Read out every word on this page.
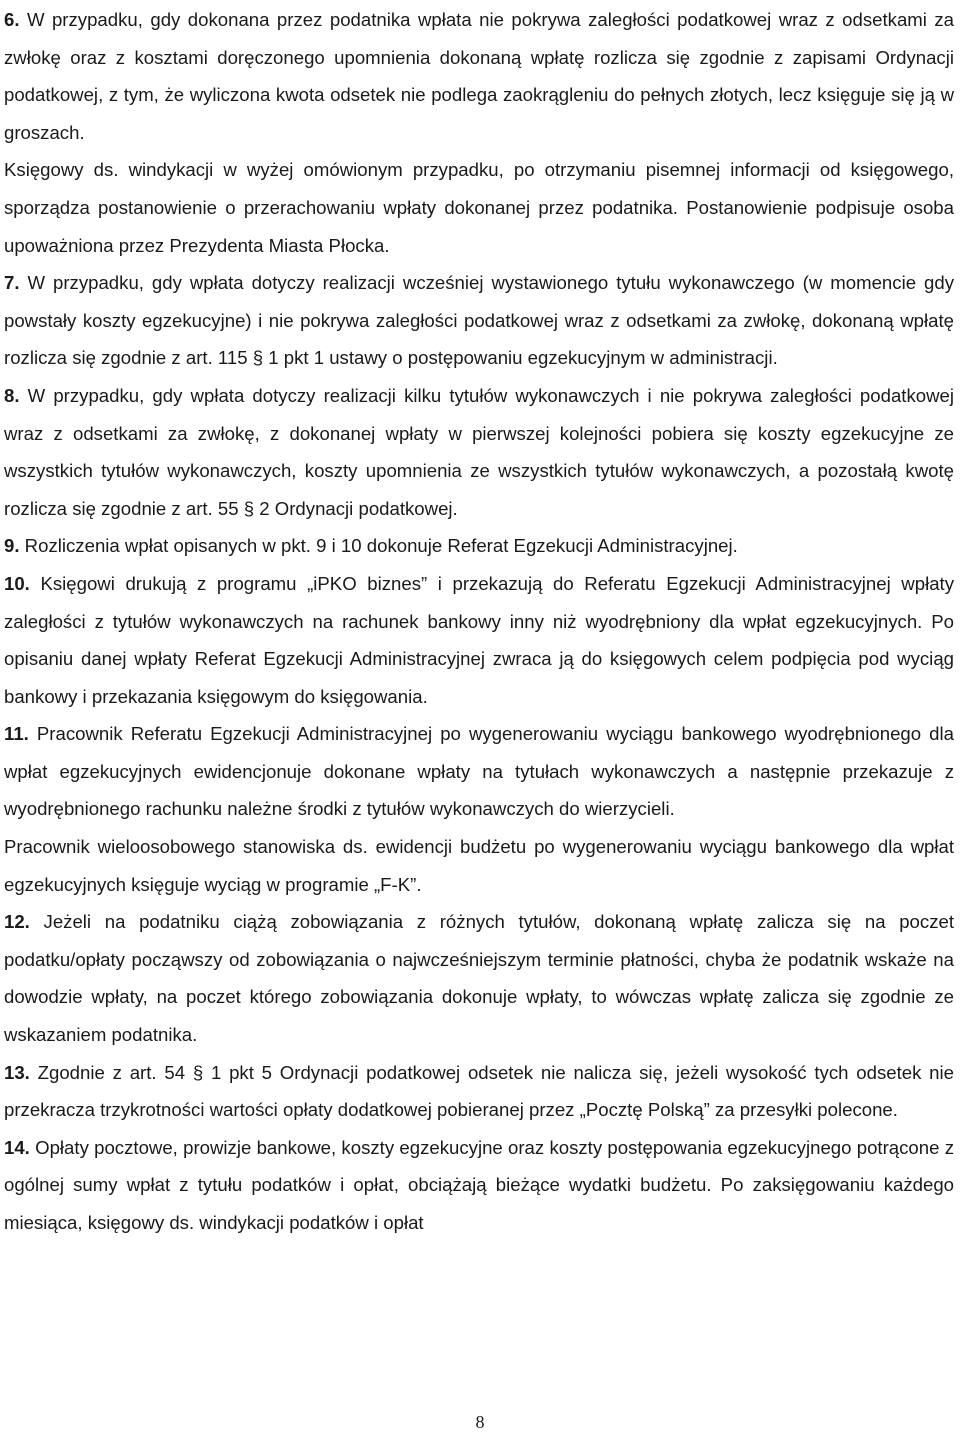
6. W przypadku, gdy dokonana przez podatnika wpłata nie pokrywa zaległości podatkowej wraz z odsetkami za zwłokę oraz z kosztami doręczonego upomnienia dokonaną wpłatę rozlicza się zgodnie z zapisami Ordynacji podatkowej, z tym, że wyliczona kwota odsetek nie podlega zaokrągleniu do pełnych złotych, lecz księguje się ją w groszach.

Księgowy ds. windykacji w wyżej omówionym przypadku, po otrzymaniu pisemnej informacji od księgowego, sporządza postanowienie o przerachowaniu wpłaty dokonanej przez podatnika. Postanowienie podpisuje osoba upoważniona przez Prezydenta Miasta Płocka.

7. W przypadku, gdy wpłata dotyczy realizacji wcześniej wystawionego tytułu wykonawczego (w momencie gdy powstały koszty egzekucyjne) i nie pokrywa zaległości podatkowej wraz z odsetkami za zwłokę, dokonaną wpłatę rozlicza się zgodnie z art. 115 § 1 pkt 1 ustawy o postępowaniu egzekucyjnym w administracji.

8. W przypadku, gdy wpłata dotyczy realizacji kilku tytułów wykonawczych i nie pokrywa zaległości podatkowej wraz z odsetkami za zwłokę, z dokonanej wpłaty w pierwszej kolejności pobiera się koszty egzekucyjne ze wszystkich tytułów wykonawczych, koszty upomnienia ze wszystkich tytułów wykonawczych, a pozostałą kwotę rozlicza się zgodnie z art. 55 § 2 Ordynacji podatkowej.

9. Rozliczenia wpłat opisanych w pkt. 9 i 10 dokonuje Referat Egzekucji Administracyjnej.

10. Księgowi drukują z programu „iPKO biznes” i przekazują do Referatu Egzekucji Administracyjnej wpłaty zaległości z tytułów wykonawczych na rachunek bankowy inny niż wyodrębniony dla wpłat egzekucyjnych. Po opisaniu danej wpłaty Referat Egzekucji Administracyjnej zwraca ją do księgowych celem podpięcia pod wyciąg bankowy i przekazania księgowym do księgowania.

11. Pracownik Referatu Egzekucji Administracyjnej po wygenerowaniu wyciągu bankowego wyodrębnionego dla wpłat egzekucyjnych ewidencjonuje dokonane wpłaty na tytułach wykonawczych a następnie przekazuje z wyodrębnionego rachunku należne środki z tytułów wykonawczych do wierzycieli.

Pracownik wieloosobowego stanowiska ds. ewidencji budżetu po wygenerowaniu wyciągu bankowego dla wpłat egzekucyjnych księguje wyciąg w programie „F-K”.

12. Jeżeli na podatniku ciążą zobowiązania z różnych tytułów, dokonaną wpłatę zalicza się na poczet podatku/opłaty począwszy od zobowiązania o najwcześniejszym terminie płatności, chyba że podatnik wskaże na dowodzie wpłaty, na poczet którego zobowiązania dokonuje wpłaty, to wówczas wpłatę zalicza się zgodnie ze wskazaniem podatnika.

13. Zgodnie z art. 54 § 1 pkt 5 Ordynacji podatkowej odsetek nie nalicza się, jeżeli wysokość tych odsetek nie przekracza trzykrotności wartości opłaty dodatkowej pobieranej przez „Pocztę Polską” za przesyłki polecone.

14. Opłaty pocztowe, prowizje bankowe, koszty egzekucyjne oraz koszty postępowania egzekucyjnego potrącone z ogólnej sumy wpłat z tytułu podatków i opłat, obciążają bieżące wydatki budżetu. Po zaksięgowaniu każdego miesiąca, księgowy ds. windykacji podatków i opłat

8
